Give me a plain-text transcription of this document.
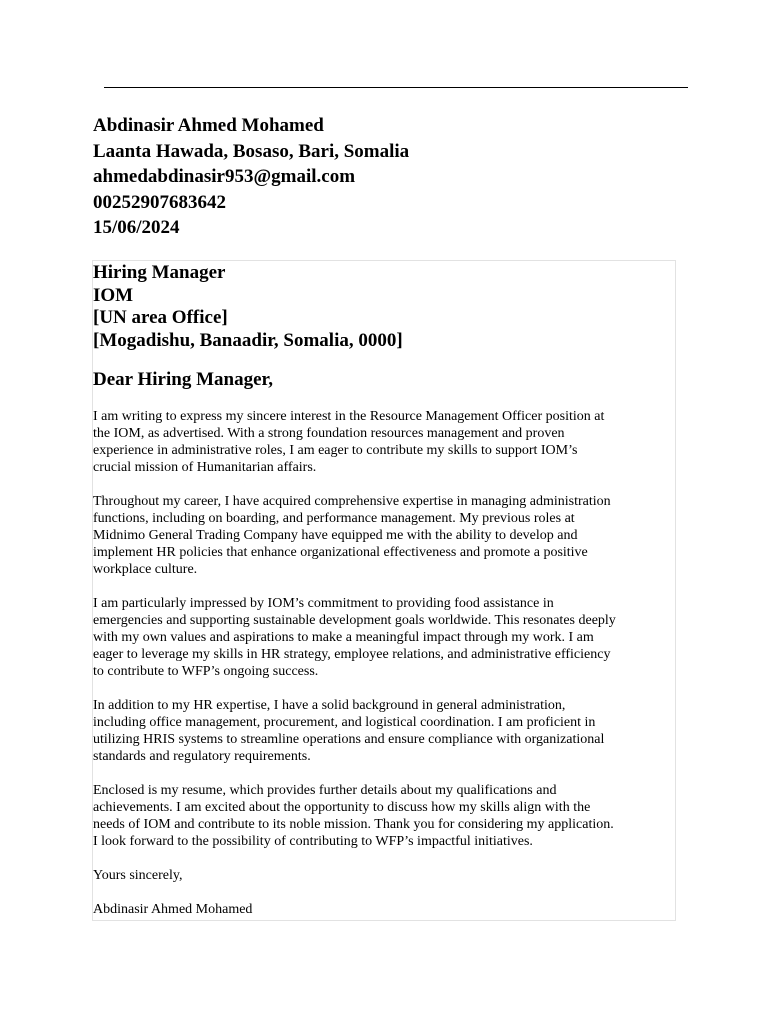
Abdinasir Ahmed Mohamed
Laanta Hawada, Bosaso, Bari, Somalia
ahmedabdinasir953@gmail.com
00252907683642
15/06/2024
Hiring Manager
IOM
[UN area Office]
[Mogadishu, Banaadir, Somalia, 0000]
Dear Hiring Manager,

I am writing to express my sincere interest in the Resource Management Officer position at
the IOM, as advertised. With a strong foundation resources management and proven
experience in administrative roles, I am eager to contribute my skills to support IOM’s
crucial mission of Humanitarian affairs.

Throughout my career, I have acquired comprehensive expertise in managing administration
functions, including on boarding, and performance management. My previous roles at
Midnimo General Trading Company have equipped me with the ability to develop and
implement HR policies that enhance organizational effectiveness and promote a positive
workplace culture.

I am particularly impressed by IOM’s commitment to providing food assistance in
emergencies and supporting sustainable development goals worldwide. This resonates deeply
with my own values and aspirations to make a meaningful impact through my work. I am
eager to leverage my skills in HR strategy, employee relations, and administrative efficiency
to contribute to WFP’s ongoing success.

In addition to my HR expertise, I have a solid background in general administration,
including office management, procurement, and logistical coordination. I am proficient in
utilizing HRIS systems to streamline operations and ensure compliance with organizational
standards and regulatory requirements.

Enclosed is my resume, which provides further details about my qualifications and
achievements. I am excited about the opportunity to discuss how my skills align with the
needs of IOM and contribute to its noble mission. Thank you for considering my application.
I look forward to the possibility of contributing to WFP’s impactful initiatives.

Yours sincerely,

Abdinasir Ahmed Mohamed
